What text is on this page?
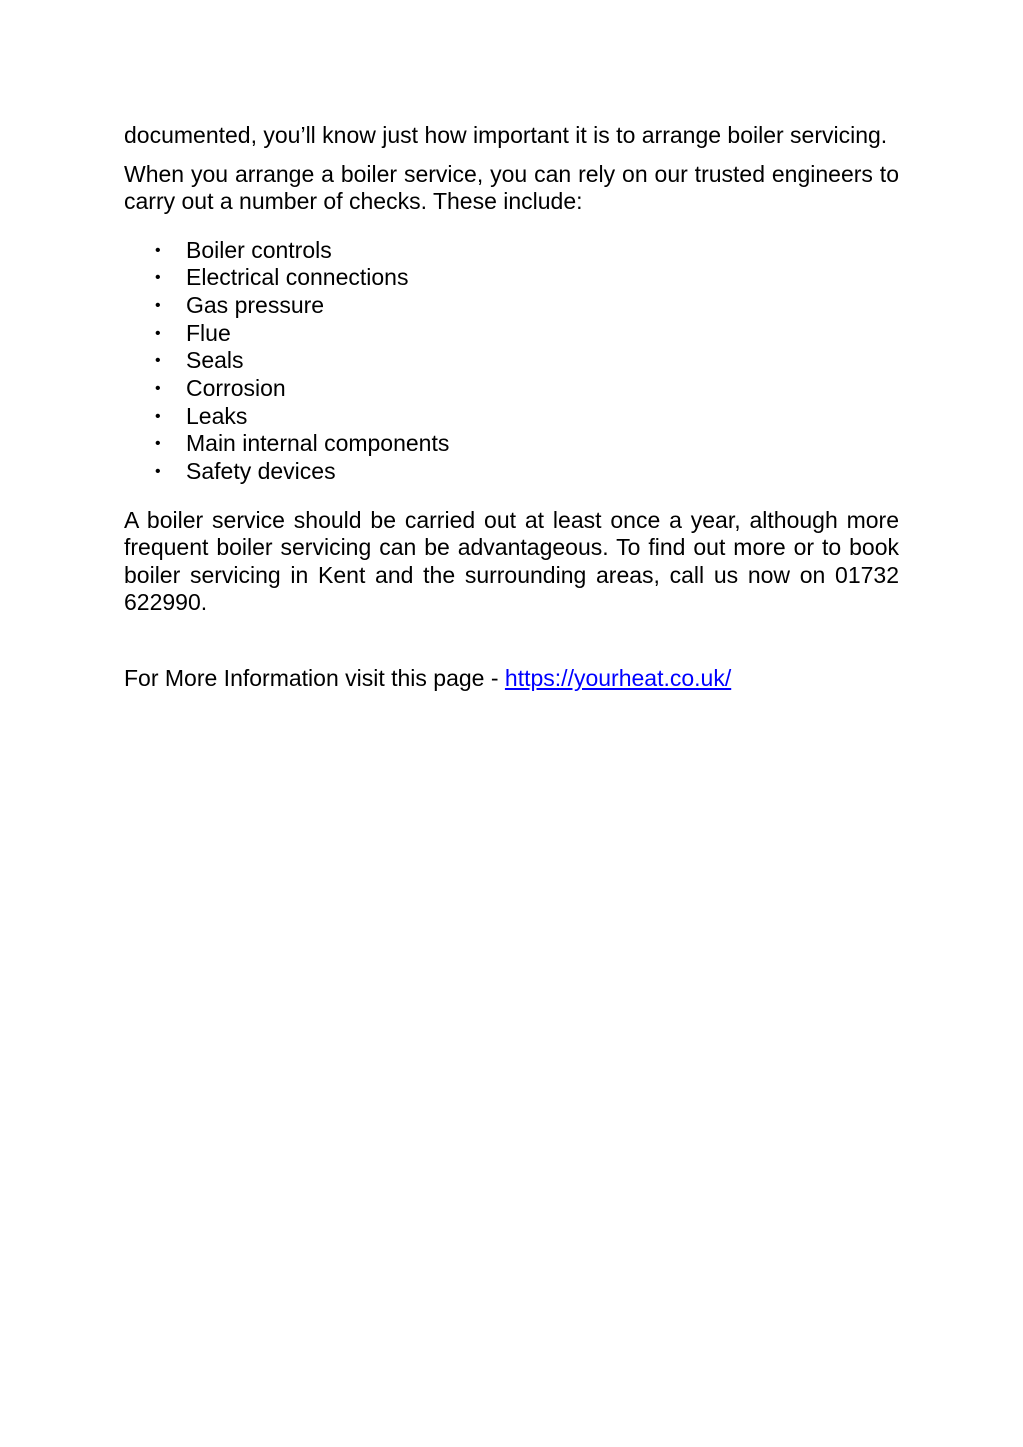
documented, you’ll know just how important it is to arrange boiler servicing.

When you arrange a boiler service, you can rely on our trusted engineers to carry out a number of checks. These include:

• Boiler controls
• Electrical connections
• Gas pressure
• Flue
• Seals
• Corrosion
• Leaks
• Main internal components
• Safety devices

A boiler service should be carried out at least once a year, although more frequent boiler servicing can be advantageous. To find out more or to book boiler servicing in Kent and the surrounding areas, call us now on 01732 622990.

For More Information visit this page - https://yourheat.co.uk/
